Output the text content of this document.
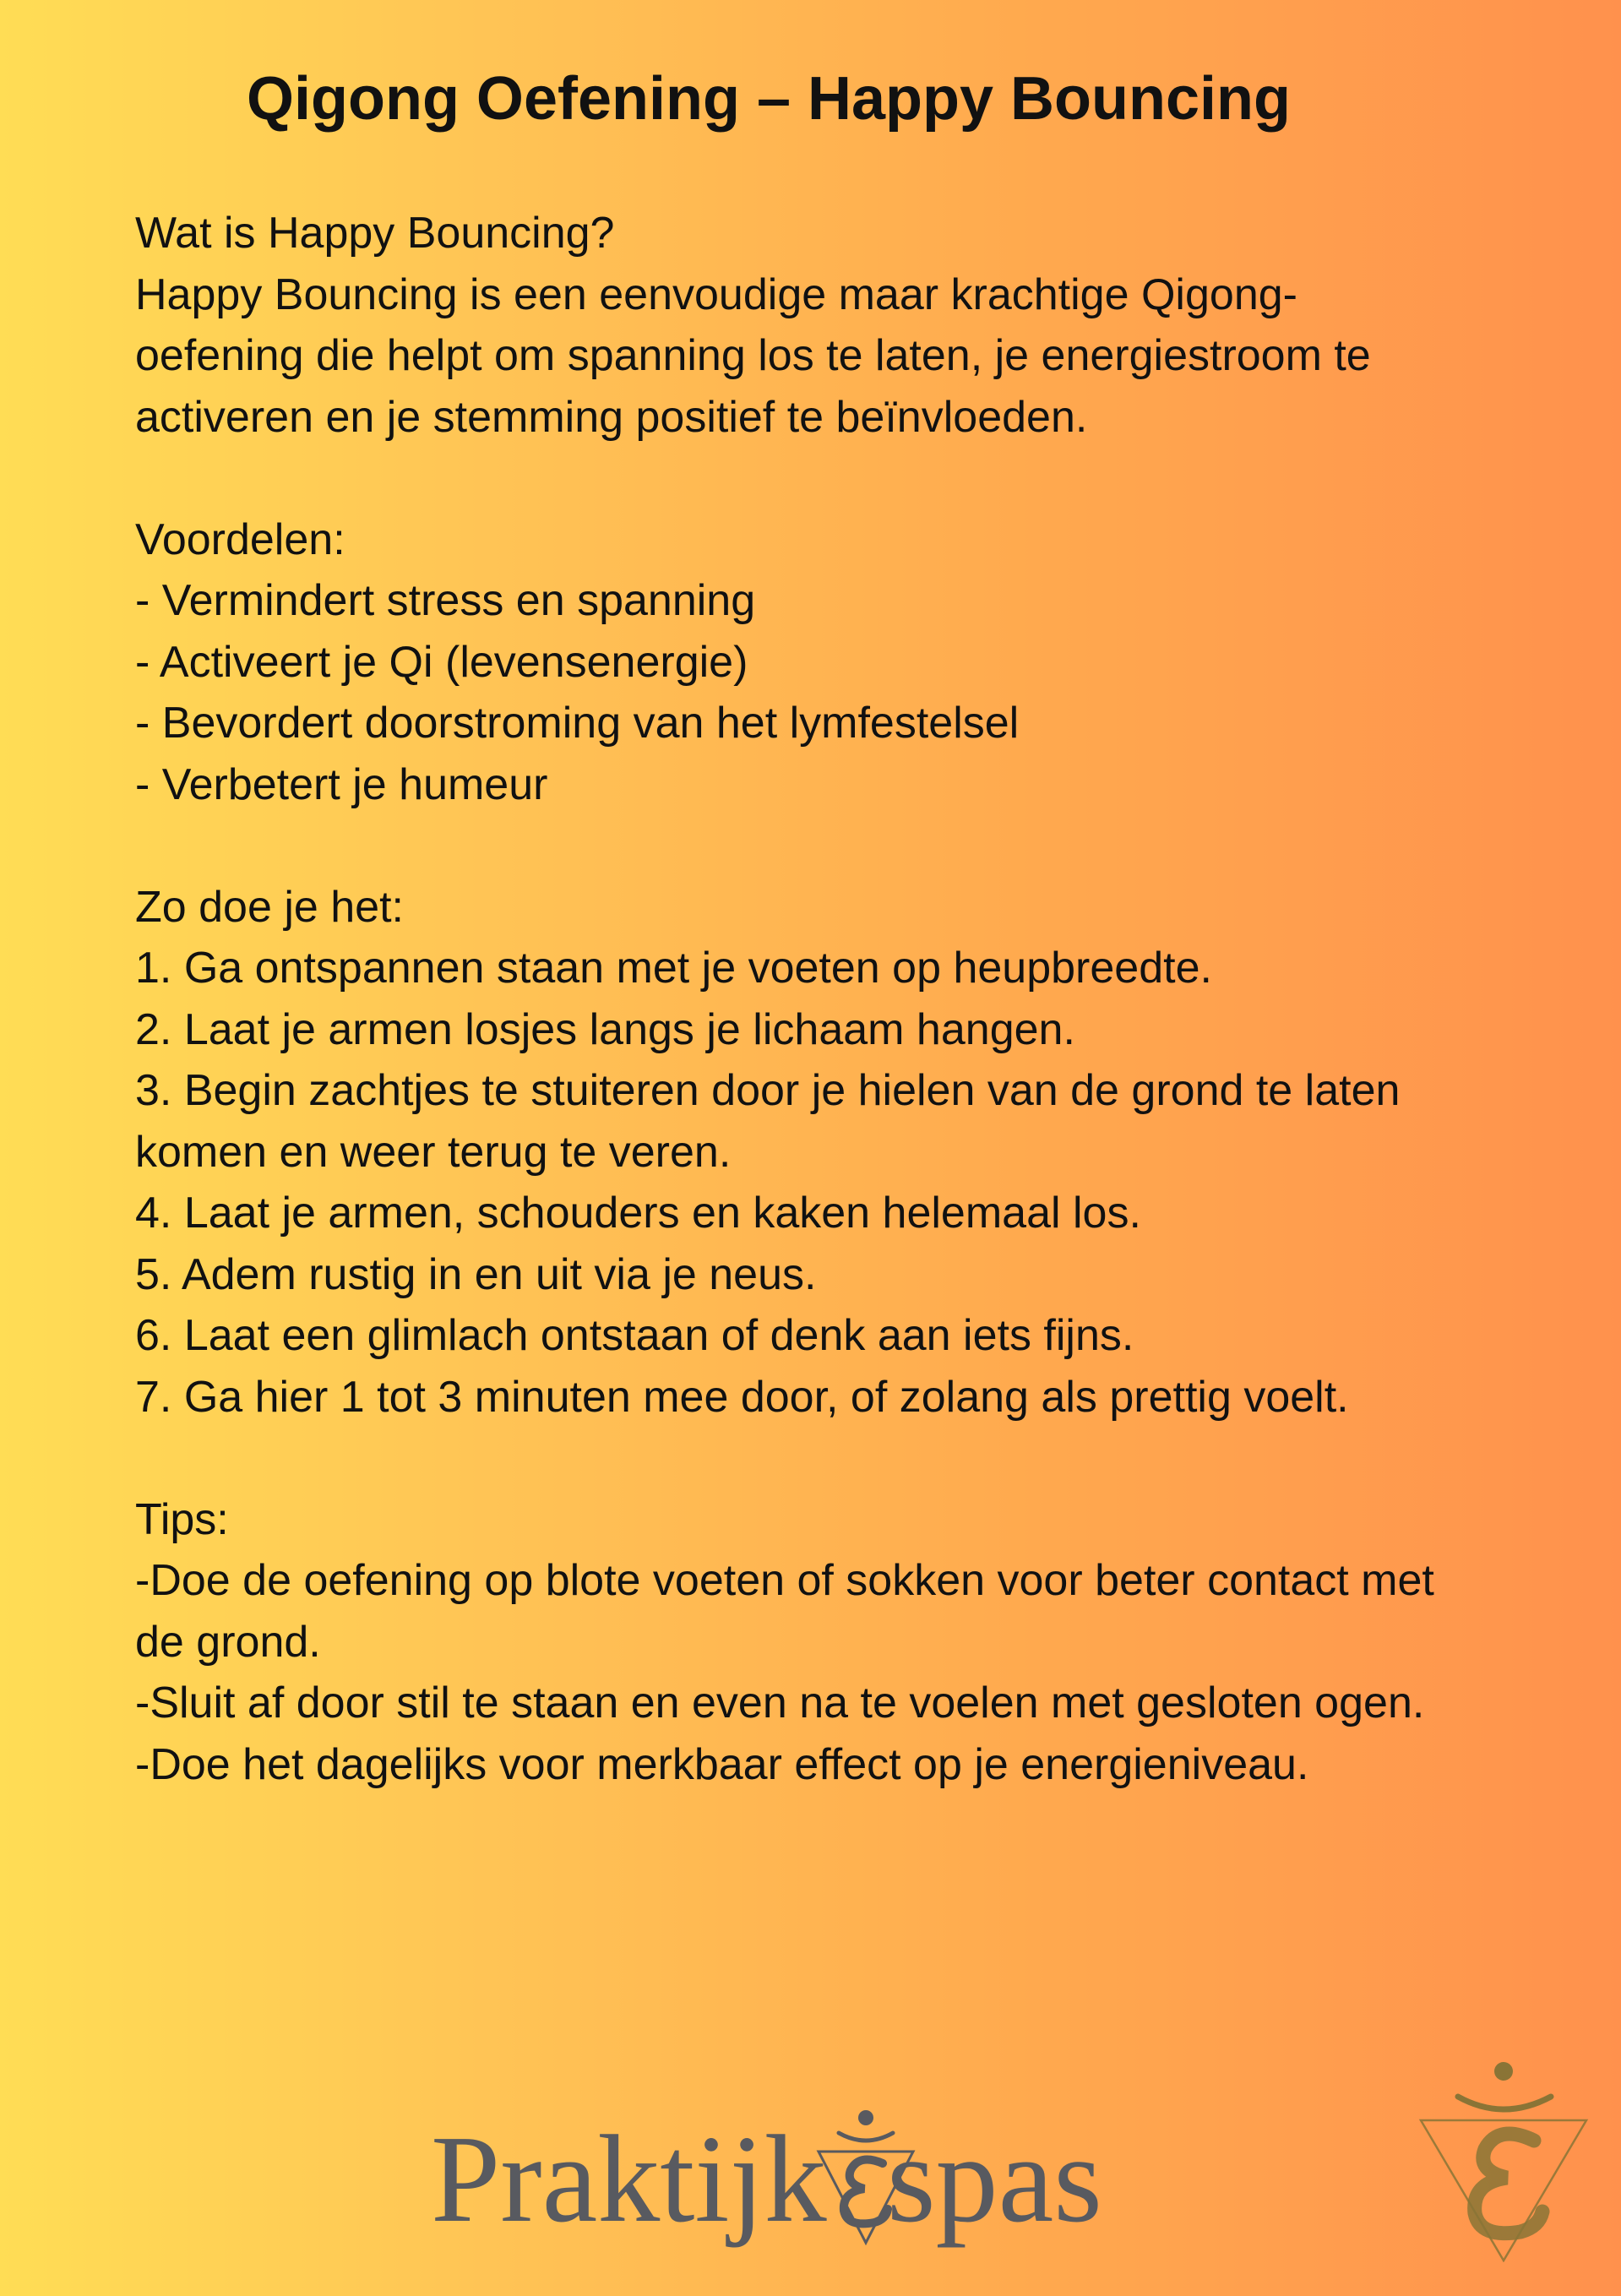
Qigong Oefening – Happy Bouncing

Wat is Happy Bouncing?

Happy Bouncing is een eenvoudige maar krachtige Qigong-oefening die helpt om spanning los te laten, je energiestroom te activeren en je stemming positief te beïnvloeden.

Voordelen:

- Vermindert stress en spanning

- Activeert je Qi (levensenergie)

- Bevordert doorstroming van het lymfestelsel

- Verbetert je humeur

Zo doe je het:

1. Ga ontspannen staan met je voeten op heupbreedte.

2. Laat je armen losjes langs je lichaam hangen.

3. Begin zachtjes te stuiteren door je hielen van de grond te laten komen en weer terug te veren.

4. Laat je armen, schouders en kaken helemaal los.

5. Adem rustig in en uit via je neus.

6. Laat een glimlach ontstaan of denk aan iets fijns.

7. Ga hier 1 tot 3 minuten mee door, of zolang als prettig voelt.

Tips:

-Doe de oefening op blote voeten of sokken voor beter contact met de grond.

-Sluit af door stil te staan en even na te voelen met gesloten ogen.

-Doe het dagelijks voor merkbaar effect op je energieniveau.

Praktijk spas
